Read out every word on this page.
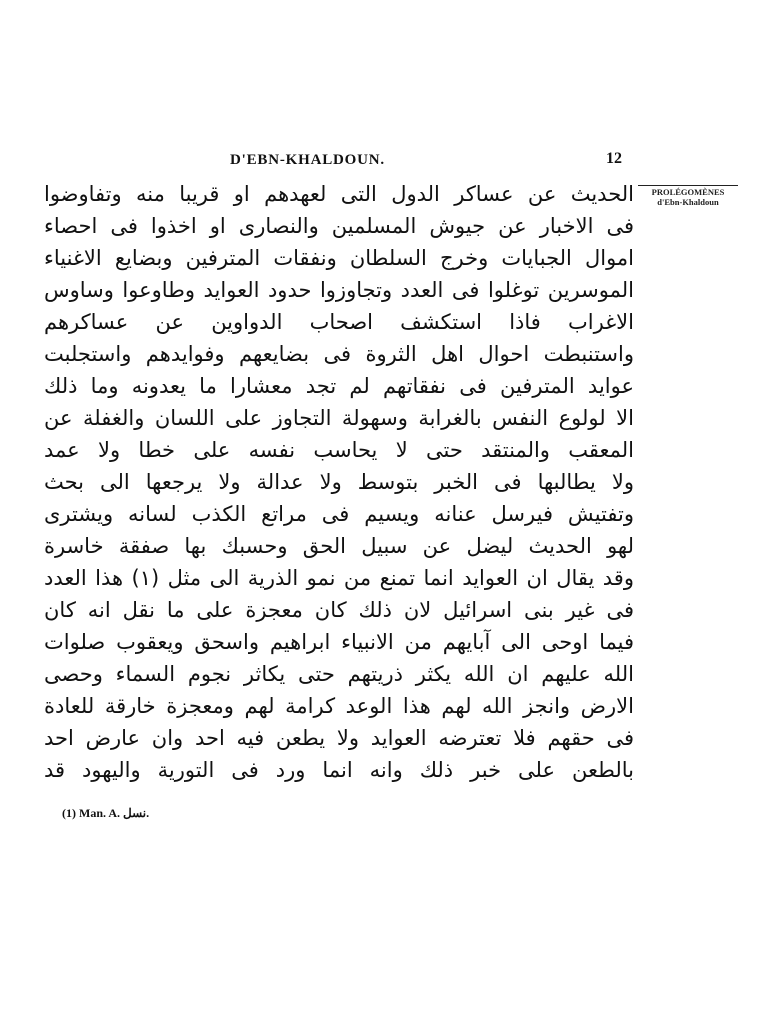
D'EBN-KHALDOUN.	12
PROLÉGOMÈNES
d'Ebn-Khaldoun
الحديث عن عساكر الدول التى لعهدهم او قريبا منه وتفاوضوا
فى الاخبار عن جيوش المسلمين والنصارى او اخذوا فى احصاء
اموال الجبايات وخرج السلطان ونفقات المترفين وبضايع الاغنياء
الموسرين توغلوا فى العدد وتجاوزوا حدود العوايد وطاوعوا وساوس
الاغراب فاذا استكشف اصحاب الدواوين عن عساكرهم
واستنبطت احوال اهل الثروة فى بضايعهم وفوايدهم واستجلبت
عوايد المترفين فى نفقاتهم لم تجد معشارا ما يعدونه وما ذلك
الا لولوع النفس بالغرابة وسهولة التجاوز على اللسان والغفلة عن
المعقب والمنتقد حتى لا يحاسب نفسه على خطا ولا عمد
ولا يطالبها فى الخبر بتوسط ولا عدالة ولا يرجعها الى بحث
وتفتيش فيرسل عنانه ويسيم فى مراتع الكذب لسانه ويشترى
لهو الحديث ليضل عن سبيل الحق وحسبك بها صفقة خاسرة
وقد يقال ان العوايد انما تمنع من نمو الذرية الى مثل (١) هذا العدد
فى غير بنى اسرائيل لان ذلك كان معجزة على ما نقل انه كان
فيما اوحى الى آبايهم من الانبياء ابراهيم واسحق ويعقوب صلوات
الله عليهم ان الله يكثر ذريتهم حتى يكاثر نجوم السماء وحصى
الارض وانجز الله لهم هذا الوعد كرامة لهم ومعجزة خارقة للعادة
فى حقهم فلا تعترضه العوايد ولا يطعن فيه احد وان عارض احد
بالطعن على خبر ذلك وانه انما ورد فى التورية واليهود قد
(1) Man. A. نسل.
